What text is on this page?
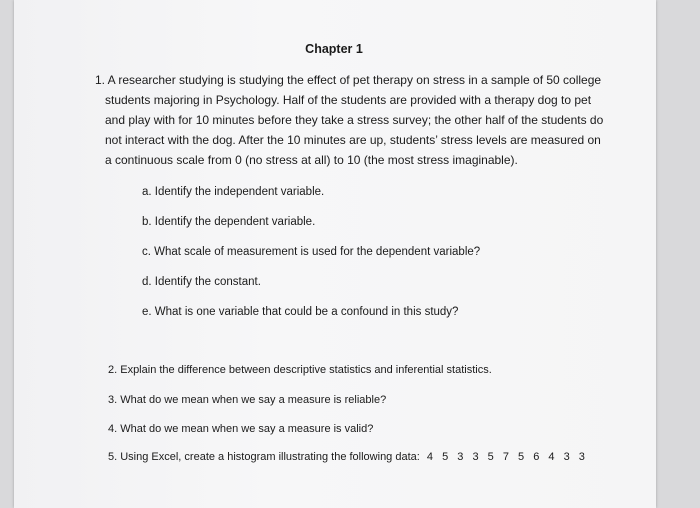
Chapter 1
1. A researcher studying is studying the effect of pet therapy on stress in a sample of 50 college
students majoring in Psychology. Half of the students are provided with a therapy dog to pet
and play with for 10 minutes before they take a stress survey; the other half of the students do
not interact with the dog. After the 10 minutes are up, students’ stress levels are measured on
a continuous scale from 0 (no stress at all) to 10 (the most stress imaginable).
a. Identify the independent variable.
b. Identify the dependent variable.
c. What scale of measurement is used for the dependent variable?
d. Identify the constant.
e. What is one variable that could be a confound in this study?
2. Explain the difference between descriptive statistics and inferential statistics.
3. What do we mean when we say a measure is reliable?
4. What do we mean when we say a measure is valid?
5. Using Excel, create a histogram illustrating the following data: 4 5 3 3 5 7 5 6 4 3 3
